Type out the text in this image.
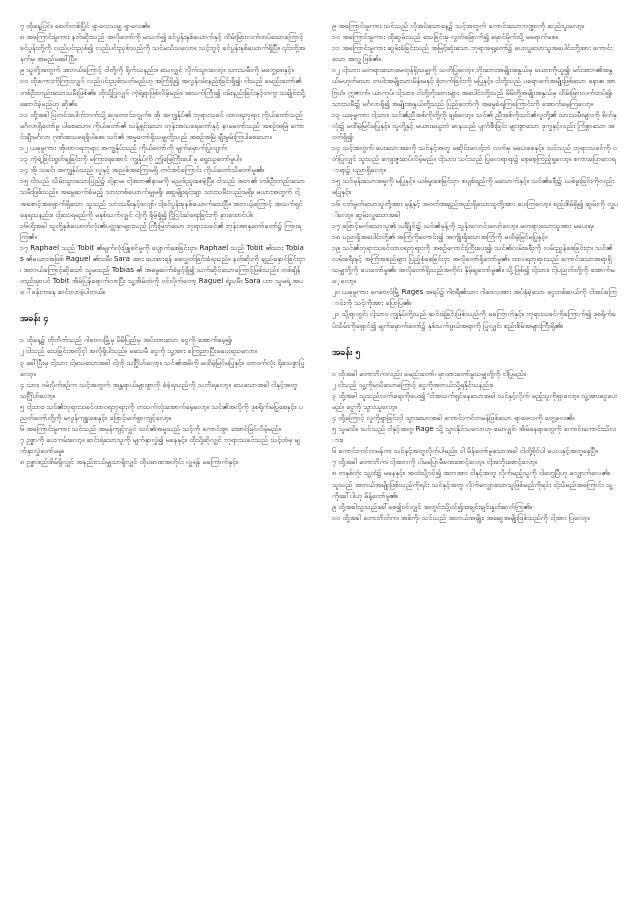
၇ ထိုနေ့ပြင်။ စေတ်တစ်ပြိုင် ရှာလေသမျှ ရှာလေ၏။

၈ အကြောင်းမူကား နတ်ဆိုးသည် အလိုတော်ကို မသတ်၍ ခင်ပွန်းနှစ်ယောက်နှင့် ထိမ်းမြားလက်ထပ်သောကြောင့် ခင်ပွန်းတို့ကို လည်ပင်းညှစ်၍ လည်ပင်းညှစ်သည်ကို သင်မသိသလော။ သင့်ဘွင့် ခင်ပွန်းနှစ်ယောက်ရှိပြီ။ ၎င်းတို့အနက်မှ အမည်မခေါ်ပြီ။

၉ သူတို့အတွက် အဘယ်ကြောင့် ငါတို့ကို ရိုက်သနည်း။ သေလျှင် လိုက်သွားလော့။ သားသမီးကို မတွေ့စေနှင့်။

၁၀ ထိုစကားကိုကြားလျှင် လည်ပင်းညှစ်သတ်မည်ဟု အကြံရှိ၍ အလွန်ဝမ်းနည်းခြင်းရှိ၍၊ ငါသည် ခမည်းတော်၏ တစ်ဦးတည်းသောသမီးဖြစ်၏။ ထိုသို့ပြုလျှင် ကဲ့ရဲ့ရာဖြစ်လိမ့်မည်။ အသက်ကြီး၍ ဝမ်းနည်းခြင်းနှင့်တကွ သချိုင်းသို့ ဆောင်ခဲ့မည်ဟု ဆို၏။

၁၁ ထို့အခါ ပြတင်းပေါက်ဘက်သို့ ဆုတောင်းလျှက်။ အို အကျွန်ုပ်၏ ဘုရားသခင် ထာဝရဘုရား ကိုယ်တော်သည် မင်္ဂလာရှိတော်မူ ပါစေသော။ ကိုယ်တော်၏ သန့်ရှင်းသော ဘုန်းအသရေတော်နှင့် နာမတော်သည် အစဉ်အမြဲ ကောင်းချီးမင်္ဂလာ ဂုဏ်အသရေရှိပါစေ။ သင်၏ အမှုတော်ရှိသမျှတို့သည် အစဉ်အမြဲ ချီးမွမ်းကြပါစေသော။

၁၂ ယခုမူကား အိုထာဝရဘုရား အကျွန်ုပ်သည် ကိုယ်တော်ကို မျက်မှောက်ပြုလျက်၊

၁၃ ကဲ့ရဲ့ခြင်းရှုတ်ချခြင်းကို မကြားရအောင် ကျွန်ုပ်ကို ဤမြေကြီးပေါ်မှ ရွေးယူတော်မူပါ။

၁၄ အို သခင်၊ အကျွန်ုပ်သည် လူနှင့် အညစ်အကြေးမရှိ ကင်းစင်ကြောင်း ကိုယ်တော်သိတော်မူ၏။

၁၅ ငါသည် သိမ်းသွားသောပြည်၌ ငါ့နာမ၊ ငါ့အဘ၏နာမကို မညစ်ညူးစေခဲ့ပြီ။ ငါသည် အဘ၏ တစ်ဦးတည်းသောသမီးဖြစ်သည်။ အမွေဆက်ခံမည့် သားတစ်ယောက်မျှမရှိ၊ ဆွေမျိုးရင်းချာ သားသမီးလည်းမရှိ။ မယားအတွက် ငါ့အစောင့်အရှောက်ရှိသော သူသည် သားသမီးနှင့်လျော်၊ ငါ့ခင်ပွန်းခုနစ်ယောက်သေပြီ။ အဘယ့်ကြောင့် အသက်ရှင်နေရသနည်း။ ငါ့သေရမည်ကို မနှစ်သက်လျှင် ငါ့ကို ရိုမ့်ရှုံ၍ ငြိုငြင်ဆဲရေးခြင်းကို နားထောင်ပါ။

၁၆ထို့အခါ သူတို့နှစ်ယောက်လုံး၏ပတ္တနာများသည် ကြီးမြတ်သော ဘုရားသခင်၏ ဘုန်းအာနုဘော်တော်၌ ကြားရကြ၏။

၁၇ Raphael သည် Tobit ၏မျက်လုံးဖြူစင်မှုကို ပျောက်စေခြင်းငှာ၊ Raphael သည် Tobit ၏သား Tobias ၏မယားအဖြစ် Raguel ၏သမီး Sara အား ပေးစားရန် စေလွှတ်ခြင်းခံရသည်။ နတ်ဆိုးကို ချည်နှောင်ခြင်းငှာ၊ အဘယ်ကြောင့်ဆိုသော် သူမသည် Tobias ၏ အမွေဆက်ခံခွင့်ရှိ၍ သက်ဆိုင်သောကြောင့်ဖြစ်သည်။ တစ်ချိန်တည်းမှာပင် Tobit အိမ်ပြန်ရောက်လာပြီး သူ့အိမ်ထဲကို ဝင်လိုက်တော့ Raguel ရဲ့သမီး Sara ဟာ သူမရဲ့ အပေါ်ခန်းကနေ ဆင်းလာခဲ့ပါတယ်။

အခန်း ၄

၁ ထိုနေ့၌ တိုဘိတ်သည် ဂါဗေလမြို့မှ မိမိပြည်မှ အပ်ထားသော ငွေကို အောက်မေ့၍၊

၂ ငါသည် သေခြင်းအလိုငှါ အလိုရှိပါသည်။ မသေမီ ငွေကို သူ့အား ကြေညာပြီးမပေးရသလော။

၃ ခေါ်ပြီးမှ ငါ့သား ငါ့သေသောအခါ ငါ့ကို သင်္ဂြိုဟ်လော့။ သင်၏အမိကို မထိမဲ့မြင်မပြုနှင့်။ ထာဝက်လုံး ရိုသေစွာပြုလော့။

၄ သား၊ ဝမ်းပိုက်စဉ်က သင့်အတွက် အန္တရာယ်များစွာကို ခံခဲ့ရသည်ကို သတိရလော့။ သေသောအခါ ငါနှင့်အတူ သင်္ဂြိုဟ်လော့။

၅ ငါ့သား၊ သင်၏ဘုရားသခင်ထာဝရဘုရားကို တသက်လုံးအောက်မေ့လော့။ သင်၏အလိုကို ဒုစရိုက်မပြုစေနှင့်။ ပညတ်တော်တို့ကို မလွန်ကျူးစေနှင့်။ ဖြောင့်မတ်စွာကျင့်လော့။

၆ အကြောင်းမူကား သင်သည် အမှန်ကျင့်လျှင် သင်၏အမှုသည် သင့်ကို ကောင်းစွာ အောင်မြင်လိမ့်မည်။

၇ ဥစ္စာကို ပေးကမ်းလော့။ ဆင်းရဲသောသူကို မျက်နှာလွှဲ၍ မနေနှင့်။ ထိုသို့ဆိုလျှင် ဘုရားသခင်သည် သင့်ထံမှ မျက်နှာလွှဲတော်မမူ။

၈ ဥစ္စာစည်းစိမ်ရှိလျှင် အနည်းငယ်မျှသာရှိလျှင် ထိုပမာဏအတိုင်း လှူရန် မကြောက်နှင့်။

၉ အကြောင်းမူကား သင်သည် လိုအပ်သောနေ့၌ သင့်အတွက် ကောင်းသောဘဏ္ဍာကို ဆည်းပူးလော့။

၁၀ အကြောင်းမူကား ထိုဆွမ်းသည် သေခြင်းမှ လွတ်မြောက်၍ မှောင်မိုက်သို့ မရောက်စေ။

၁၁ အကြောင်းမူကား ဆွမ်းခံခြင်းသည် အမြင့်ဆုံးသော ဘုရားရှေ့တော်၌ ပေးလှူသောသူအပေါင်းတို့အား ကောင်းသော အလှူ ဖြစ်၏။

၁၂ ငါ့သား၊ မတရားသောမေထုန်ရှိသမျှကို သတိပြုလော့။ ဘိုးဘေးအမျိုးအနွယ်မှ မယားကိုယူ၍၊ မင်းအဘ၏အနွယ်မဟုတ်သော တပါးအမျိုးသားမိန်းမနှင့် စုံဘက်ခြင်းကို မပြုနှင့်။ ငါတို့သည် ပရောဖက်အမျိုးဖြစ်သော နောဧ၊ အာဗြဟံ၊ ဣဇာက်၊ ယာကုပ်၊ ငါ့သား၊ ငါတို့ဘိုးဘေးများ အပေါင်းတို့သည် မိမိတို့အမျိုးအနွယ်မှ ထိမ်းမြားလက်ထပ်၍၊ သားသမီး၌ မင်္ဂလာရှိ၍ အမျိုးအနွယ်တို့သည် ပြည်တော်ကို အမွေခံရကြကြောင်းကို အောက်မေ့ကြလော့။

၁၃ ယခုမူကား ငါ့သား၊ သင်၏ညီအစ်ကိုတို့ကို ချစ်လော့။ သင်၏ ညီအစ်ကိုသင်၏လူတို့၏ သားသမီးများကို စိတ်နှလုံး၌ မထီမဲ့မြင်မပြုနှင့်။ သူတို့နှင့် မယားမယူဘဲ မာနသည် ပျက်စီးခြင်း များစွာသော ဒုက္ခနှင့်လည်း ကြံစွာသော အငတ်ရှိ၍၊

၁၄ သင့်အတွက် ပေးသောအခကို သင်နှင့်အတူ မဆိုင်းမလင့်ဘဲ လက်မှ မပေးစေနှင့်။ သင်သည် ဘုရားသခင်ကို ဝတ်ပြုလျှင် သူသည် ကျေးဇူးဆပ်လိမ့်မည်။ ငါ့သား၊ သင်သည် ပြုလေရာရာ၌ စေ့စေ့ကြည့်ရှုလော့။ စကားပြောလေရာရာ၌ ပညာရှိလော့။

၁၅ သင်မုန်းသောအမှုကို မပြုနှင့်။ ယစ်မူးစေခြင်းငှာ စပျစ်ရည်ကို မသောက်နှင့်။ သင်၏ခရီး၌ ယစ်မူးခြင်းကိုလည်း မပြုနှင့်။

၁၆ ငတ်မွတ်သောသူတို့အား မုန့်နှင့် အဝတ်အချည်းစည်းရှိသောသူတို့အား ပေးကြလော့။ စည်းစိမ်ရှိ၍ ဆွမ်းကို လှူပါလော့။ ဆွမ်းလှူသောအခါ

၁၇ ဖြောင့်မတ်သောသူ၏ သင်္ချိုင်း၌ သင်၏မုန့်ကို သွန်းလောင်းလော်လော့။ မတရားသောသူအား မပေးရ။

၁၈ ပညာရှိအပေါင်းတို့၏ အကြံကိုတောင်း၍ အကျိုးရှိသောအကြံကို မထိမဲ့မြင်မပြုနှင့်။

၁၉ သင်၏ဘုရားသခင်ထာဝရဘုရားကို အစဉ်ကောင်းကြီးပေး၍၊ သင်၏လမ်းခရီးကို လမ်းညွှန်စေခြင်းငှာ၊ သင်၏လမ်းခရီးနှင့် အကြံအစည်များ ပြည့်စုံစေခြင်းငှာ အလိုတော်ရှိတော်မူ၏။ ထာဝရဘုရားသည် ကောင်းသောအရာရှိသမျှတို့ကို ပေးတော်မူ၏။ အလိုတော်ရှိသည်အတိုင်း နှိမ့်ချတော်မူ၏။ သို့ဖြစ်၍ ငါ့သား၊ ငါ့ပညတ်တို့ကို အောက်မေ့လော့။

၂၀ ယခုမူကား ဂေဗေလ်မြို့ Rages အရပ်၌ ဂါဗရီ၏သား ဂါဗေလအား အပ်နှံခဲ့သော ငွေတစ်ဆယ်ကို ငါအပ်ကြောင်းကို သင့်ကိုအား ပြောပြ၏။

၂၁ သို့ရာတွင်၊ ငါ့သား၊ ကျွန်ုပ်တို့သည် ဆင်းရဲခြင်းဖြစ်သည်ကို မကြောက်နှင့်။ ဘုရားသခင်ကိုကြောက်၍ ဒုစရိုက်ခပ်သိမ်းကိုရှောင်၍ မျက်မှောက်တော်၌ နှစ်သက်ဖွယ်အရာကို ပြုလျှင်၊ စည်းစိမ်အများကြီးရှိ၏။

အခန်း ၅

၁ ထိုအခါ တောဘိကလည်း ခမည်းတော်၊ မှာထားတော်မူသမျှတို့ကို ငါပြုမည်။

၂ ငါသည် သူ့ကိုမသိသောကြောင့် ငွေကိုအဘယ်သို့ရနိုင်သနည်း။

၃ ထို့အခါ သူသည်လက်ရေးကိုပေး၍ 'ငါအသက်ရှင်နေသောအခါ သင်နှင့်လိုက် မည့်သူကိုရှာလော့။ သူ့အားငွေပေးမည်၊ ငွေကို သွားယူလော့။

၄ ထို့ကြောင့် လူကိုရှာခြင်းငှါ သွားသောအခါ ကောင်းကင်တမန်ဖြစ်သော ရာဖေလကို တွေ့လေ၏။

၅ သူမသိ။ သင်သည် ငါနှင့်အတူ Rage သို့ သွားနိုင်သလောဟု မေးလျှင်၊ အိမ်နေရာတွေကို ကောင်းကောင်းသိလား။

၆ ကောင်းကင်တမန်က၊ သင်နှင့်အတူလိုက်ပါမည်။ ငါ မိန်တော်မူသောအခါ ငါတို့စိုင်ပါ ပေလနှင့်အတူနေပြီ။

၇ ထို့အခါ တောဘိက၊ ငါ့အဘကို ငါမပြောမီခဏစောင့်လော့။ ငါ့အဘိုးစောင့်လော့။

၈ တနှစ်တုံး သူ့ထံ၌ မနေနှင့်။ အထဲသို့ဝင်၍ အဘအား ငါနှင့်အတူ လိုက်မည့်သူကို ငါတွေ့ပြီဟု လျှောက်လေ၏။ သူသည် အဘယ်အမျိုးဖြစ်သည်ကိုရင်း သင်နှင့်အတူ လိုက်လျှောသောသူဖြစ်မည်ကိုရင်း ငါ့သိမည်အကြောင်း သူ့ကိုခေါ်ပါဟု မိန့်တော်မူ၏။

၉ ထို့အခါသူသည်ခေါ်စေ၍ဝင်လျှင် အတွင်းသို့ဝင်၍အချင်းချင်းနှုတ်ဆက်ကြ၏။

၁၀ ထို့အခါ တောဘိတ်က၊ အစ်ကို၊ သင်သည် အဘယ်အမျိုး၊ အဆွေအမျိုးဖြစ်သည်ကို ငါ့အား ပြလော့။
